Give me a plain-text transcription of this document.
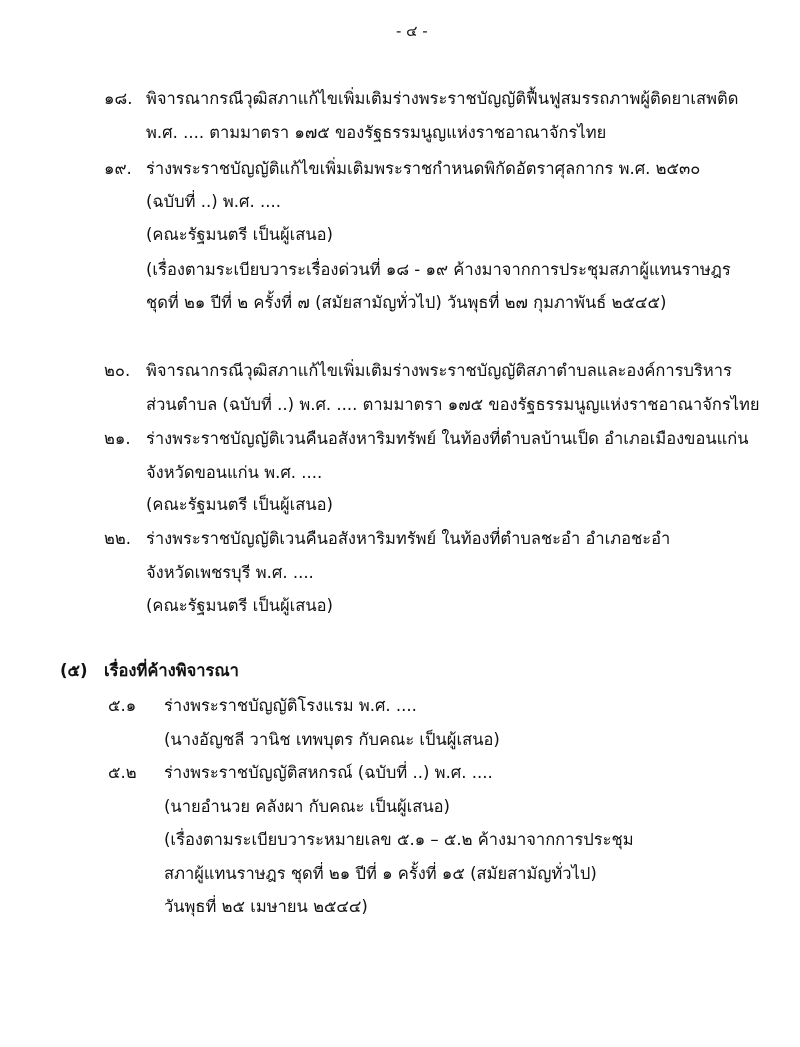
- ๔ -
๑๘. พิจารณากรณีวุฒิสภาแก้ไขเพิ่มเติมร่างพระราชบัญญัติฟื้นฟูสมรรถภาพผู้ติดยาเสพติด
พ.ศ. .... ตามมาตรา ๑๗๕ ของรัฐธรรมนูญแห่งราชอาณาจักรไทย
๑๙. ร่างพระราชบัญญัติแก้ไขเพิ่มเติมพระราชกำหนดพิกัดอัตราศุลกากร พ.ศ. ๒๕๓๐
(ฉบับที่ ..) พ.ศ. ....
(คณะรัฐมนตรี เป็นผู้เสนอ)
(เรื่องตามระเบียบวาระเรื่องด่วนที่ ๑๘ - ๑๙ ค้างมาจากการประชุมสภาผู้แทนราษฎร
ชุดที่ ๒๑ ปีที่ ๒ ครั้งที่ ๗ (สมัยสามัญทั่วไป) วันพุธที่ ๒๗ กุมภาพันธ์ ๒๕๔๕)
๒๐. พิจารณากรณีวุฒิสภาแก้ไขเพิ่มเติมร่างพระราชบัญญัติสภาตำบลและองค์การบริหาร
ส่วนตำบล (ฉบับที่ ..) พ.ศ. .... ตามมาตรา ๑๗๕ ของรัฐธรรมนูญแห่งราชอาณาจักรไทย
๒๑. ร่างพระราชบัญญัติเวนคืนอสังหาริมทรัพย์ ในท้องที่ตำบลบ้านเป็ด อำเภอเมืองขอนแก่น
จังหวัดขอนแก่น พ.ศ. ....
(คณะรัฐมนตรี เป็นผู้เสนอ)
๒๒. ร่างพระราชบัญญัติเวนคืนอสังหาริมทรัพย์ ในท้องที่ตำบลชะอำ อำเภอชะอำ
จังหวัดเพชรบุรี พ.ศ. ....
(คณะรัฐมนตรี เป็นผู้เสนอ)
(๕) เรื่องที่ค้างพิจารณา
๕.๑ ร่างพระราชบัญญัติโรงแรม พ.ศ. ....
(นางอัญชลี วานิช เทพบุตร กับคณะ เป็นผู้เสนอ)
๕.๒ ร่างพระราชบัญญัติสหกรณ์ (ฉบับที่ ..) พ.ศ. ....
(นายอำนวย คลังผา กับคณะ เป็นผู้เสนอ)
(เรื่องตามระเบียบวาระหมายเลข ๕.๑ – ๕.๒ ค้างมาจากการประชุม
สภาผู้แทนราษฎร ชุดที่ ๒๑ ปีที่ ๑ ครั้งที่ ๑๕ (สมัยสามัญทั่วไป)
วันพุธที่ ๒๕ เมษายน ๒๕๔๔)
